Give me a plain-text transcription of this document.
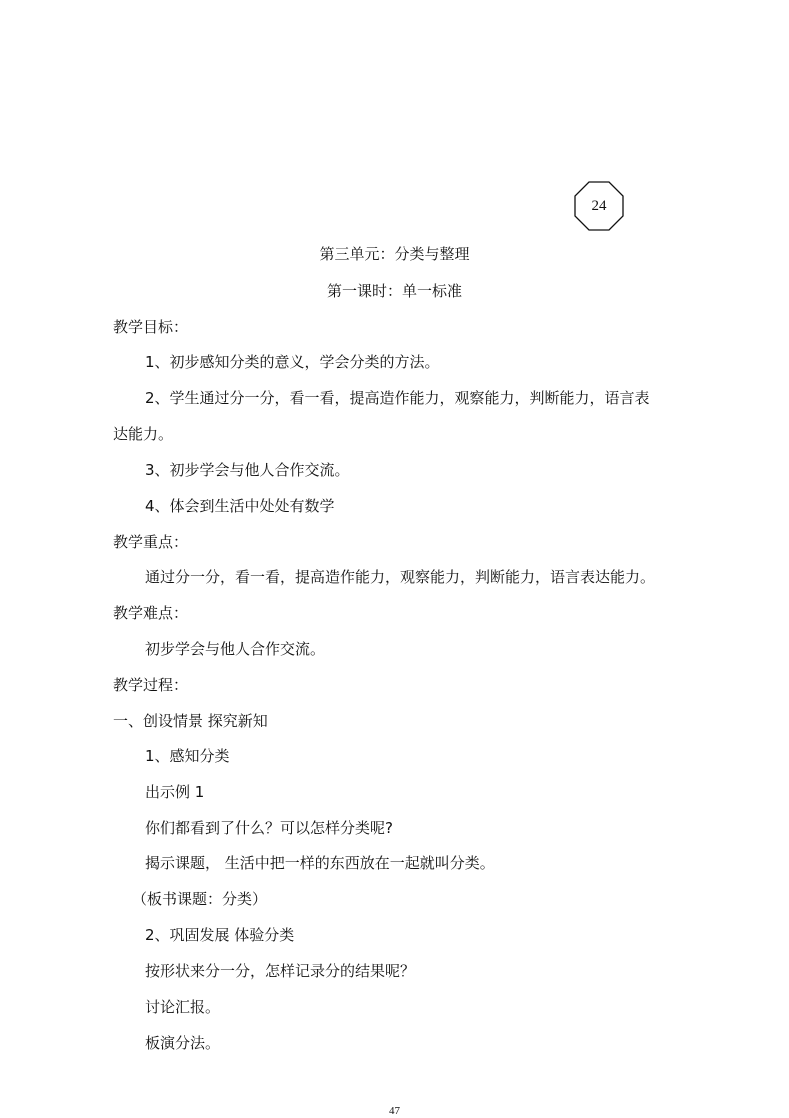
24
第三单元：分类与整理
第一课时：单一标准
教学目标：
1、初步感知分类的意义，学会分类的方法。
2、学生通过分一分，看一看，提高造作能力，观察能力，判断能力，语言表
达能力。
3、初步学会与他人合作交流。
4、体会到生活中处处有数学
教学重点：
通过分一分，看一看，提高造作能力，观察能力，判断能力，语言表达能力。
教学难点：
初步学会与他人合作交流。
教学过程：
一、创设情景 探究新知
1、感知分类
出示例 1
你们都看到了什么？可以怎样分类呢?
揭示课题， 生活中把一样的东西放在一起就叫分类。
（板书课题：分类）
2、巩固发展 体验分类
按形状来分一分，怎样记录分的结果呢？
讨论汇报。
板演分法。
47
